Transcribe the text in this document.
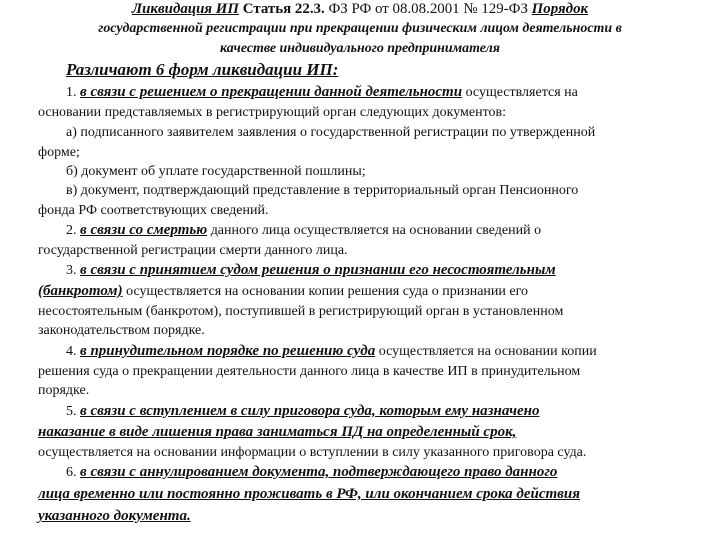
Ликвидация ИП Статья 22.3. ФЗ РФ от 08.08.2001 № 129-ФЗ Порядок
государственной регистрации при прекращении физическим лицом деятельности в
качестве индивидуального предпринимателя
Различают 6 форм ликвидации ИП:
1. в связи с решением о прекращении данной деятельности осуществляется на
основании представляемых в регистрирующий орган следующих документов:
а) подписанного заявителем заявления о государственной регистрации по утвержденной
форме;
б) документ об уплате государственной пошлины;
в) документ, подтверждающий представление в территориальный орган Пенсионного
фонда РФ соответствующих сведений.
2. в связи со смертью данного лица осуществляется на основании сведений о
государственной регистрации смерти данного лица.
3. в связи с принятием судом решения о признании его несостоятельным
(банкротом) осуществляется на основании копии решения суда о признании его
несостоятельным (банкротом), поступившей в регистрирующий орган в установленном
законодательством порядке.
4. в принудительном порядке по решению суда осуществляется на основании копии
решения суда о прекращении деятельности данного лица в качестве ИП в принудительном
порядке.
5. в связи с вступлением в силу приговора суда, которым ему назначено
наказание в виде лишения права заниматься ПД на определенный срок,
осуществляется на основании информации о вступлении в силу указанного приговора суда.
6. в связи с аннулированием документа, подтверждающего право данного
лица временно или постоянно проживать в РФ, или окончанием срока действия
указанного документа.
